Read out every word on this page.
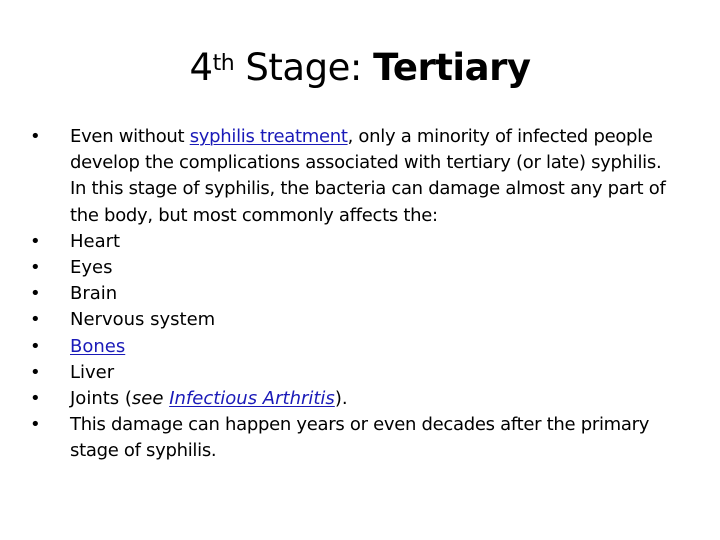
4th Stage: Tertiary
•	Even without syphilis treatment, only a minority of infected people develop the complications associated with tertiary (or late) syphilis. In this stage of syphilis, the bacteria can damage almost any part of the body, but most commonly affects the:
•	Heart
•	Eyes
•	Brain
•	Nervous system
•	Bones
•	Liver
•	Joints (see Infectious Arthritis).
•	This damage can happen years or even decades after the primary stage of syphilis.
